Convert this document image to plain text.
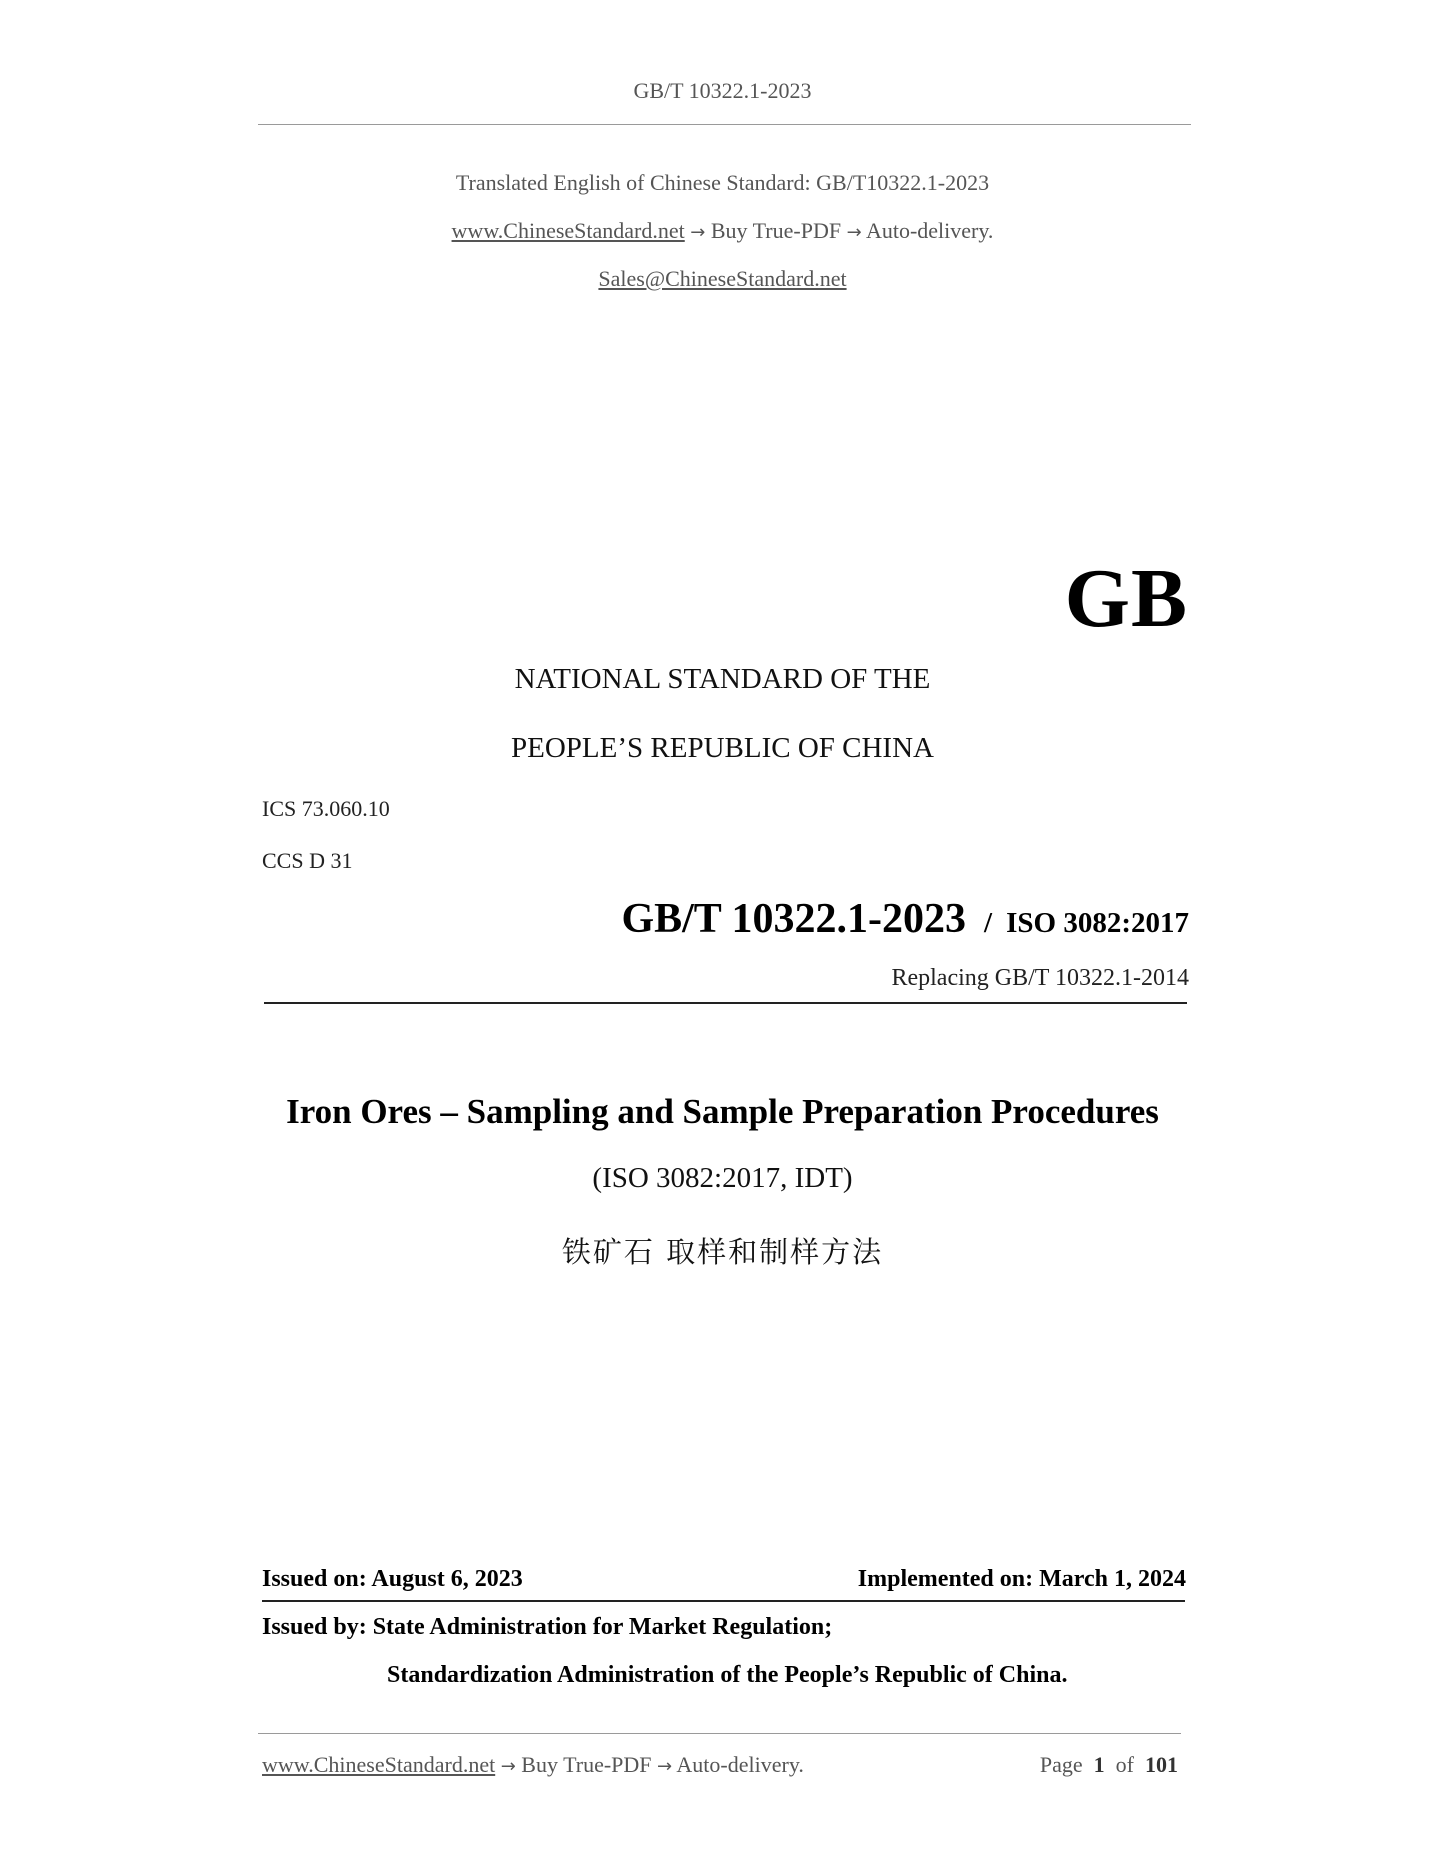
GB/T 10322.1-2023
Translated English of Chinese Standard: GB/T10322.1-2023
www.ChineseStandard.net → Buy True-PDF → Auto-delivery.
Sales@ChineseStandard.net
GB
NATIONAL STANDARD OF THE
PEOPLE’S REPUBLIC OF CHINA
ICS 73.060.10
CCS D 31
GB/T 10322.1-2023 / ISO 3082:2017
Replacing GB/T 10322.1-2014
Iron Ores – Sampling and Sample Preparation Procedures
(ISO 3082:2017, IDT)
铁矿石 取样和制样方法
Issued on: August 6, 2023	Implemented on: March 1, 2024
Issued by: State Administration for Market Regulation;
Standardization Administration of the People’s Republic of China.
www.ChineseStandard.net → Buy True-PDF → Auto-delivery.	Page 1 of 101
